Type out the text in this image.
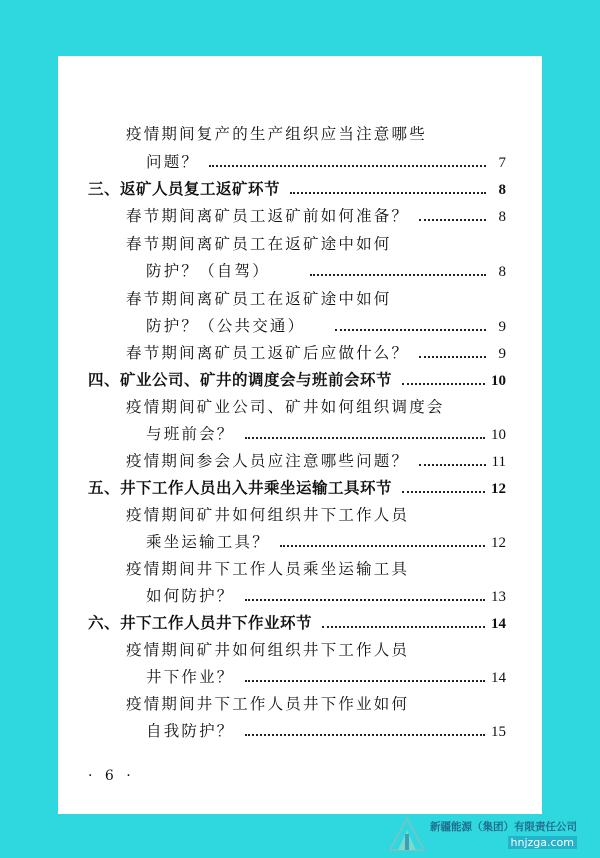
疫情期间复产的生产组织应当注意哪些
问题？	7
三、返矿人员复工返矿环节	8
春节期间离矿员工返矿前如何准备？	8
春节期间离矿员工在返矿途中如何
防护？（自驾）	8
春节期间离矿员工在返矿途中如何
防护？（公共交通）	9
春节期间离矿员工返矿后应做什么？	9
四、矿业公司、矿井的调度会与班前会环节	10
疫情期间矿业公司、矿井如何组织调度会
与班前会？	10
疫情期间参会人员应注意哪些问题？	11
五、井下工作人员出入井乘坐运输工具环节	12
疫情期间矿井如何组织井下工作人员
乘坐运输工具？	12
疫情期间井下工作人员乘坐运输工具
如何防护？	13
六、井下工作人员井下作业环节	14
疫情期间矿井如何组织井下工作人员
井下作业？	14
疫情期间井下工作人员井下作业如何
自我防护？	15
· 6 ·
新疆能源（集团）有限责任公司
hnjzga.com
